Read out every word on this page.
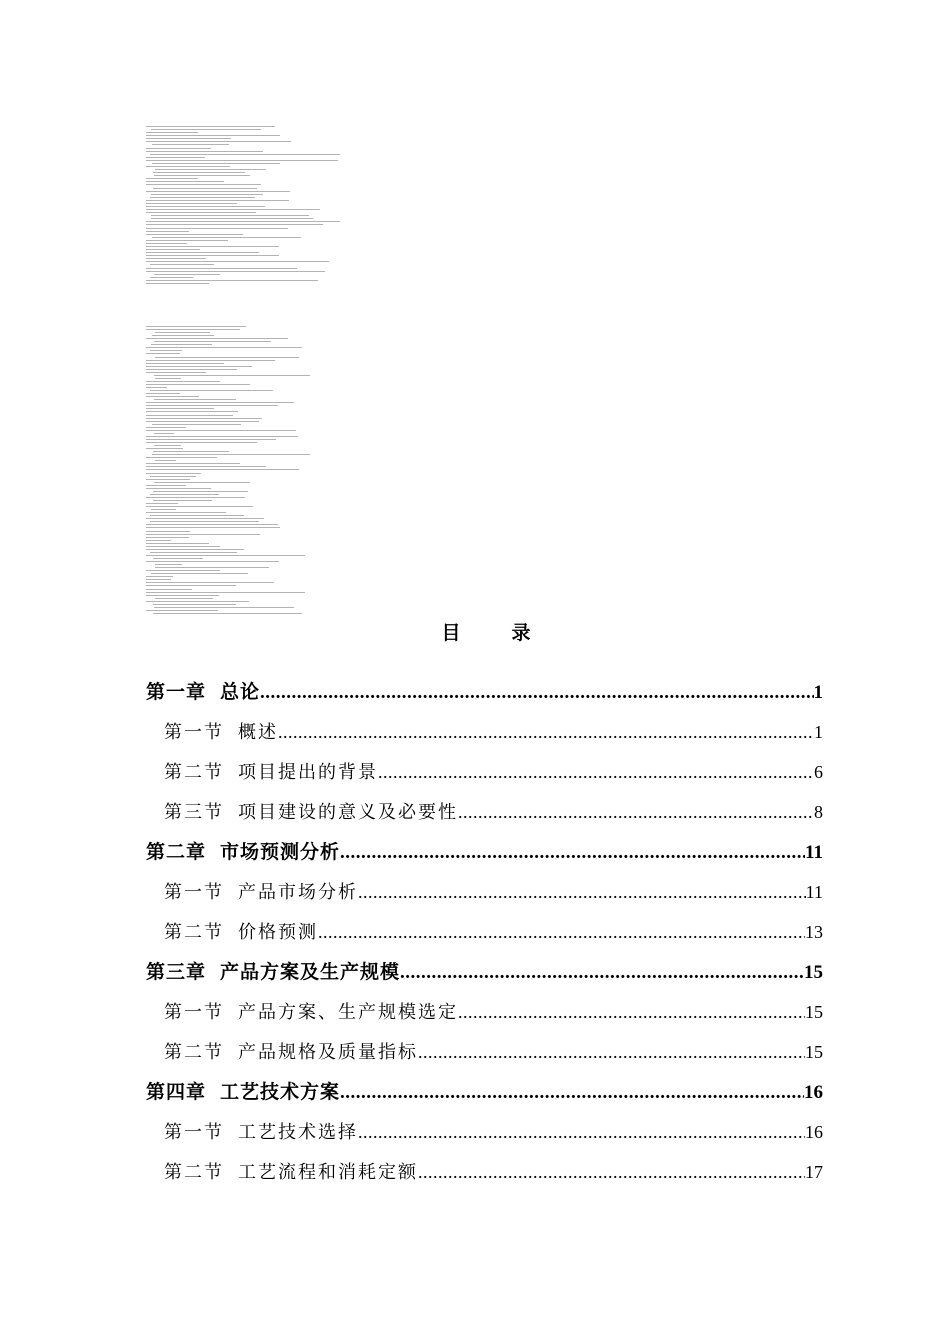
目　录
第一章 总论 .....	1
第一节 概述 .....	1
第二节 项目提出的背景 .....	6
第三节 项目建设的意义及必要性 .....	8
第二章 市场预测分析 .....	11
第一节 产品市场分析 .....	11
第二节 价格预测 .....	13
第三章 产品方案及生产规模 .....	15
第一节 产品方案、生产规模选定 .....	15
第二节 产品规格及质量指标 .....	15
第四章 工艺技术方案 .....	16
第一节 工艺技术选择 .....	16
第二节 工艺流程和消耗定额 .....	17
